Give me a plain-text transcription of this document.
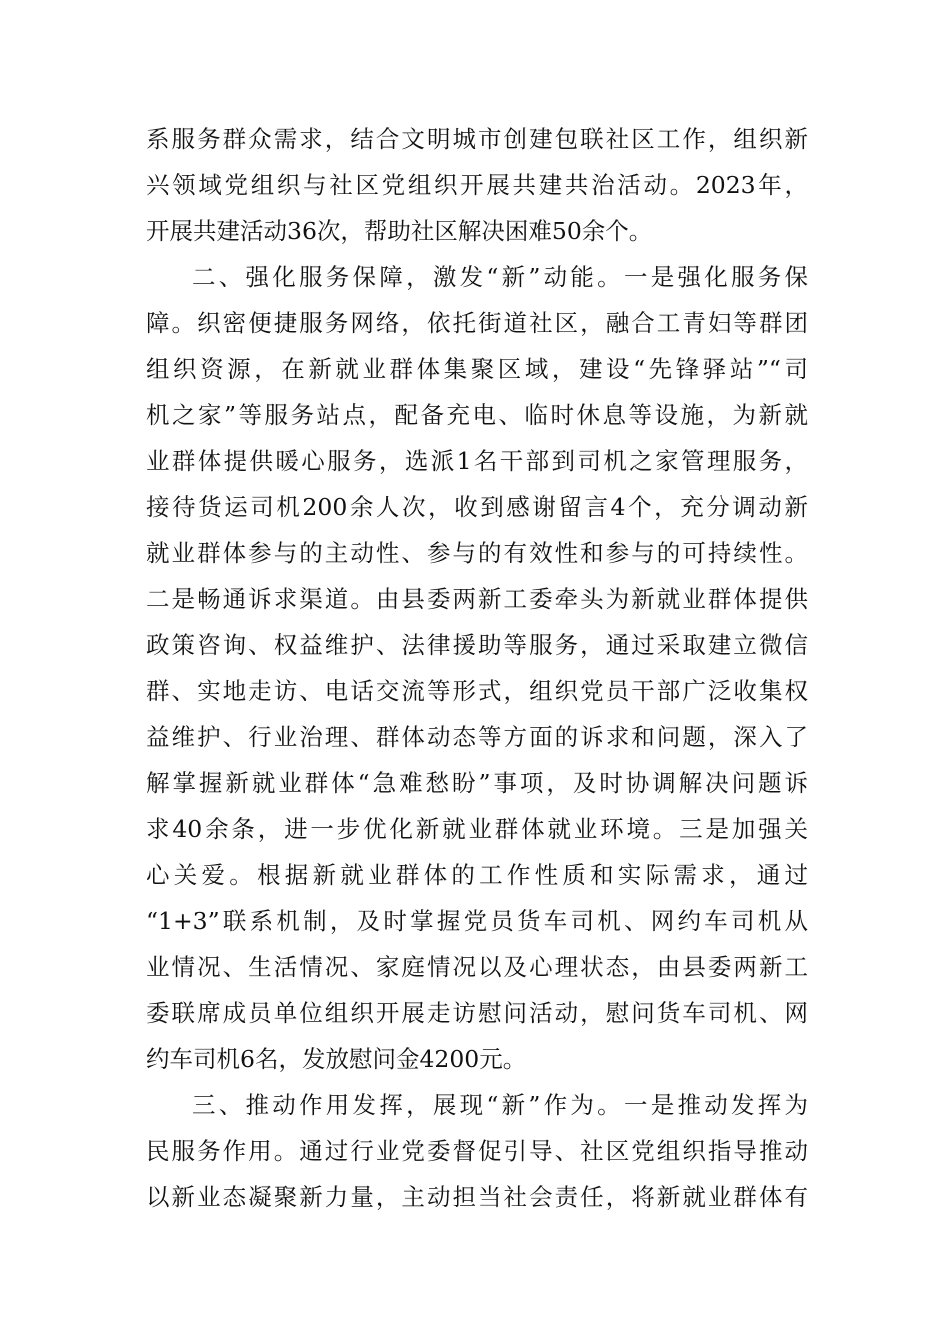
系服务群众需求，结合文明城市创建包联社区工作，组织新
兴领域党组织与社区党组织开展共建共治活动。2023年，
开展共建活动36次，帮助社区解决困难50余个。
二、强化服务保障，激发“新”动能。一是强化服务保
障。织密便捷服务网络，依托街道社区，融合工青妇等群团
组织资源，在新就业群体集聚区域，建设“先锋驿站”“司
机之家”等服务站点，配备充电、临时休息等设施，为新就
业群体提供暖心服务，选派1名干部到司机之家管理服务，
接待货运司机200余人次，收到感谢留言4个，充分调动新
就业群体参与的主动性、参与的有效性和参与的可持续性。
二是畅通诉求渠道。由县委两新工委牵头为新就业群体提供
政策咨询、权益维护、法律援助等服务，通过采取建立微信
群、实地走访、电话交流等形式，组织党员干部广泛收集权
益维护、行业治理、群体动态等方面的诉求和问题，深入了
解掌握新就业群体“急难愁盼”事项，及时协调解决问题诉
求40余条，进一步优化新就业群体就业环境。三是加强关
心关爱。根据新就业群体的工作性质和实际需求，通过
“1+3”联系机制，及时掌握党员货车司机、网约车司机从
业情况、生活情况、家庭情况以及心理状态，由县委两新工
委联席成员单位组织开展走访慰问活动，慰问货车司机、网
约车司机6名，发放慰问金4200元。
三、推动作用发挥，展现“新”作为。一是推动发挥为
民服务作用。通过行业党委督促引导、社区党组织指导推动
以新业态凝聚新力量，主动担当社会责任，将新就业群体有
